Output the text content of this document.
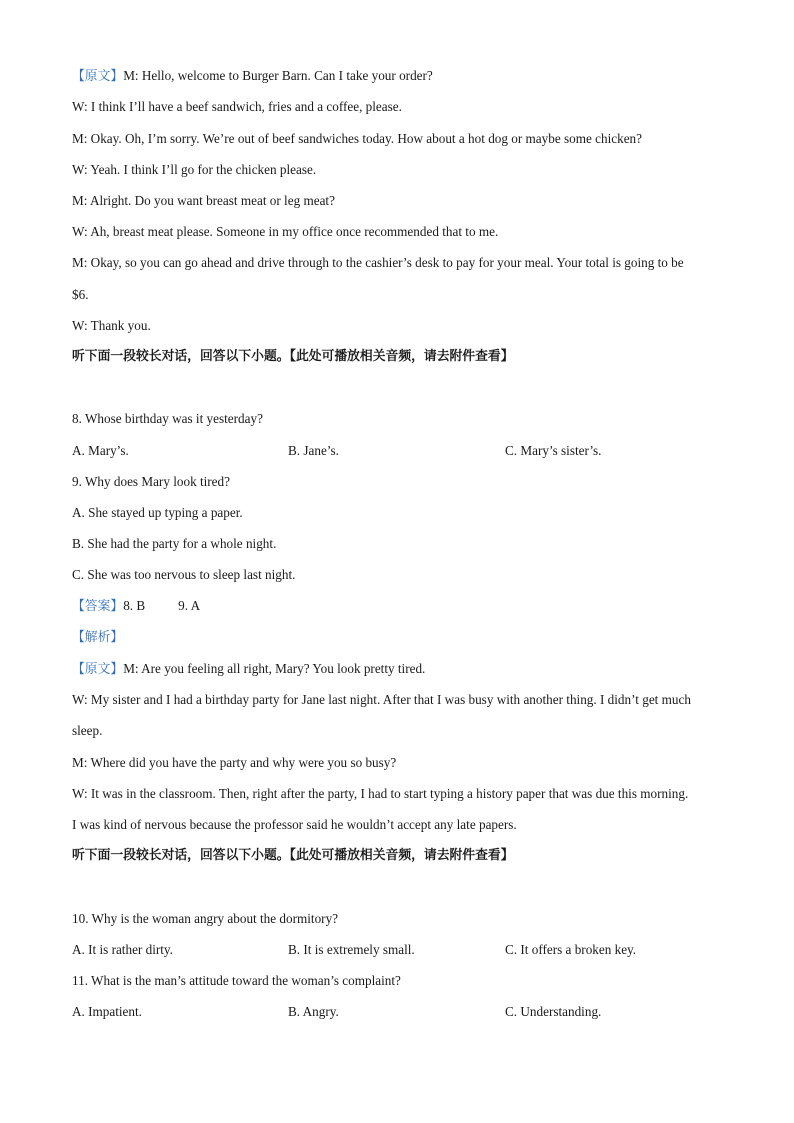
【原文】M: Hello, welcome to Burger Barn. Can I take your order?
W: I think I’ll have a beef sandwich, fries and a coffee, please.
M: Okay. Oh, I’m sorry. We’re out of beef sandwiches today. How about a hot dog or maybe some chicken?
W: Yeah. I think I’ll go for the chicken please.
M: Alright. Do you want breast meat or leg meat?
W: Ah, breast meat please. Someone in my office once recommended that to me.
M: Okay, so you can go ahead and drive through to the cashier’s desk to pay for your meal. Your total is going to be
$6.
W: Thank you.
听下面一段较长对话，回答以下小题。【此处可播放相关音频，请去附件查看】
8. Whose birthday was it yesterday?
A. Mary’s.	B. Jane’s.	C. Mary’s sister’s.
9. Why does Mary look tired?
A. She stayed up typing a paper.
B. She had the party for a whole night.
C. She was too nervous to sleep last night.
【答案】8. B          9. A
【解析】
【原文】M: Are you feeling all right, Mary? You look pretty tired.
W: My sister and I had a birthday party for Jane last night. After that I was busy with another thing. I didn’t get much
sleep.
M: Where did you have the party and why were you so busy?
W: It was in the classroom. Then, right after the party, I had to start typing a history paper that was due this morning.
I was kind of nervous because the professor said he wouldn’t accept any late papers.
听下面一段较长对话，回答以下小题。【此处可播放相关音频，请去附件查看】
10. Why is the woman angry about the dormitory?
A. It is rather dirty.	B. It is extremely small.	C. It offers a broken key.
11. What is the man’s attitude toward the woman’s complaint?
A. Impatient.	B. Angry.	C. Understanding.
